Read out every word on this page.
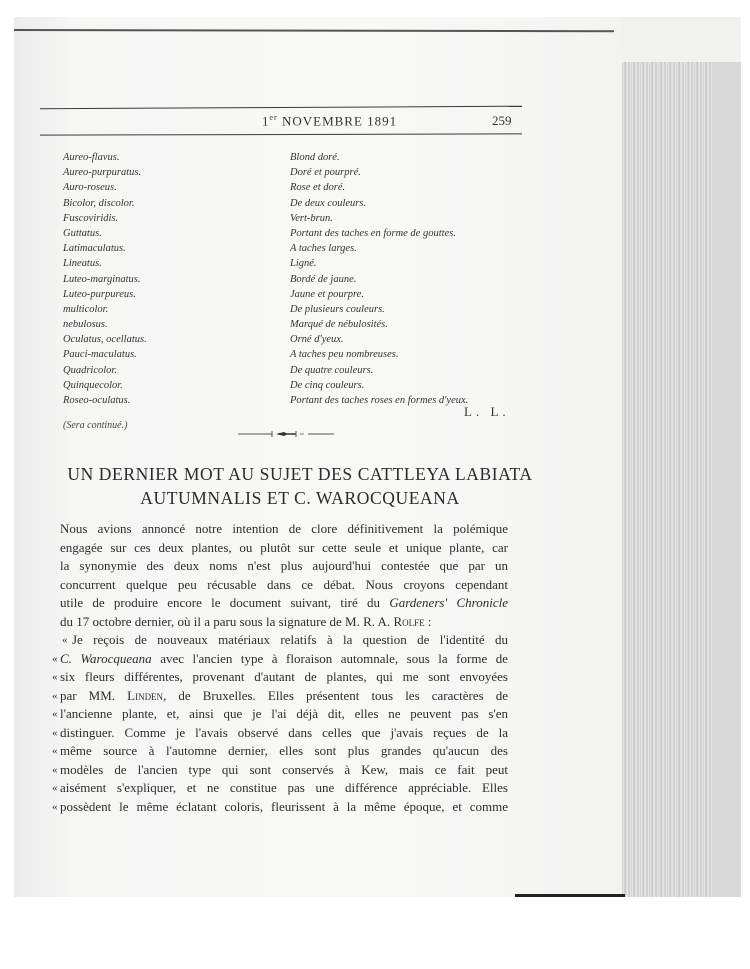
1er NOVEMBRE 1891	259
Aureo-flavus.
Aureo-purpuratus.
Auro-roseus.
Bicolor, discolor.
Fuscoviridis.
Guttatus.
Latimaculatus.
Lineatus.
Luteo-marginatus.
Luteo-purpureus.
multicolor.
nebulosus.
Oculatus, ocellatus.
Pauci-maculatus.
Quadricolor.
Quinquecolor.
Roseo-oculatus.
Blond doré.
Doré et pourpré.
Rose et doré.
De deux couleurs.
Vert-brun.
Portant des taches en forme de gouttes.
A taches larges.
Ligné.
Bordé de jaune.
Jaune et pourpre.
De plusieurs couleurs.
Marqué de nébulosités.
Orné d'yeux.
A taches peu nombreuses.
De quatre couleurs.
De cinq couleurs.
Portant des taches roses en formes d'yeux.
L. L.
(Sera continué.)
UN DERNIER MOT AU SUJET DES CATTLEYA LABIATA
AUTUMNALIS ET C. WAROCQUEANA
Nous avions annoncé notre intention de clore définitivement la polémique
engagée sur ces deux plantes, ou plutôt sur cette seule et unique plante, car
la synonymie des deux noms n'est plus aujourd'hui contestée que par un
concurrent quelque peu récusable dans ce débat. Nous croyons cependant
utile de produire encore le document suivant, tiré du Gardeners' Chronicle
du 17 octobre dernier, où il a paru sous la signature de M. R. A. Rolfe :
« Je reçois de nouveaux matériaux relatifs à la question de l'identité du
« C. Warocqueana avec l'ancien type à floraison automnale, sous la forme de
« six fleurs différentes, provenant d'autant de plantes, qui me sont envoyées
« par MM. Linden, de Bruxelles. Elles présentent tous les caractères de
« l'ancienne plante, et, ainsi que je l'ai déjà dit, elles ne peuvent pas s'en
« distinguer. Comme je l'avais observé dans celles que j'avais reçues de la
« même source à l'automne dernier, elles sont plus grandes qu'aucun des
« modèles de l'ancien type qui sont conservés à Kew, mais ce fait peut
« aisément s'expliquer, et ne constitue pas une différence appréciable. Elles
« possèdent le même éclatant coloris, fleurissent à la même époque, et comme
